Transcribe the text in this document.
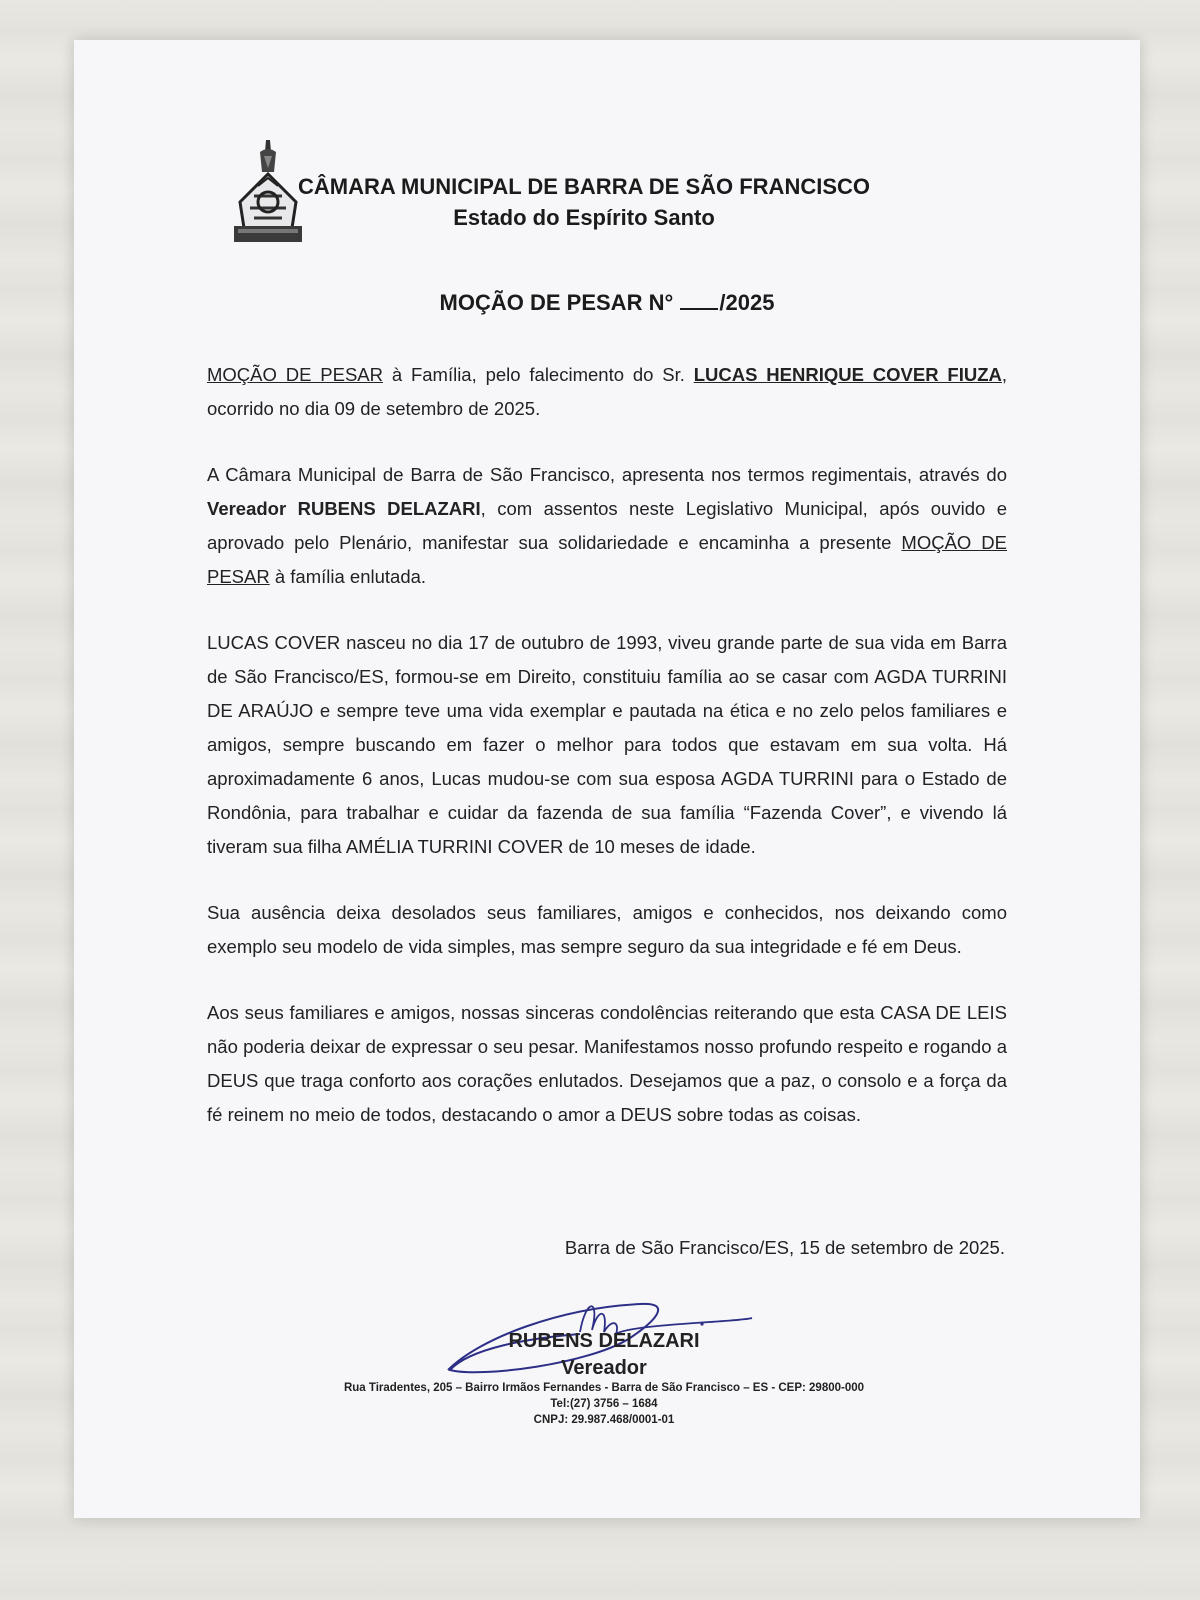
CÂMARA MUNICIPAL DE BARRA DE SÃO FRANCISCO
Estado do Espírito Santo
MOÇÃO DE PESAR N° /2025

MOÇÃO DE PESAR à Família, pelo falecimento do Sr. LUCAS HENRIQUE COVER FIUZA, ocorrido no dia 09 de setembro de 2025.

A Câmara Municipal de Barra de São Francisco, apresenta nos termos regimentais, através do Vereador RUBENS DELAZARI, com assentos neste Legislativo Municipal, após ouvido e aprovado pelo Plenário, manifestar sua solidariedade e encaminha a presente MOÇÃO DE PESAR à família enlutada.

LUCAS COVER nasceu no dia 17 de outubro de 1993, viveu grande parte de sua vida em Barra de São Francisco/ES, formou-se em Direito, constituiu família ao se casar com AGDA TURRINI DE ARAÚJO e sempre teve uma vida exemplar e pautada na ética e no zelo pelos familiares e amigos, sempre buscando em fazer o melhor para todos que estavam em sua volta. Há aproximadamente 6 anos, Lucas mudou-se com sua esposa AGDA TURRINI para o Estado de Rondônia, para trabalhar e cuidar da fazenda de sua família “Fazenda Cover”, e vivendo lá tiveram sua filha AMÉLIA TURRINI COVER de 10 meses de idade.

Sua ausência deixa desolados seus familiares, amigos e conhecidos, nos deixando como exemplo seu modelo de vida simples, mas sempre seguro da sua integridade e fé em Deus.

Aos seus familiares e amigos, nossas sinceras condolências reiterando que esta CASA DE LEIS não poderia deixar de expressar o seu pesar. Manifestamos nosso profundo respeito e rogando a DEUS que traga conforto aos corações enlutados. Desejamos que a paz, o consolo e a força da fé reinem no meio de todos, destacando o amor a DEUS sobre todas as coisas.

Barra de São Francisco/ES, 15 de setembro de 2025.
RUBENS DELAZARI
Vereador
Rua Tiradentes, 205 – Bairro Irmãos Fernandes - Barra de São Francisco – ES - CEP: 29800-000
Tel:(27) 3756 – 1684
CNPJ: 29.987.468/0001-01
